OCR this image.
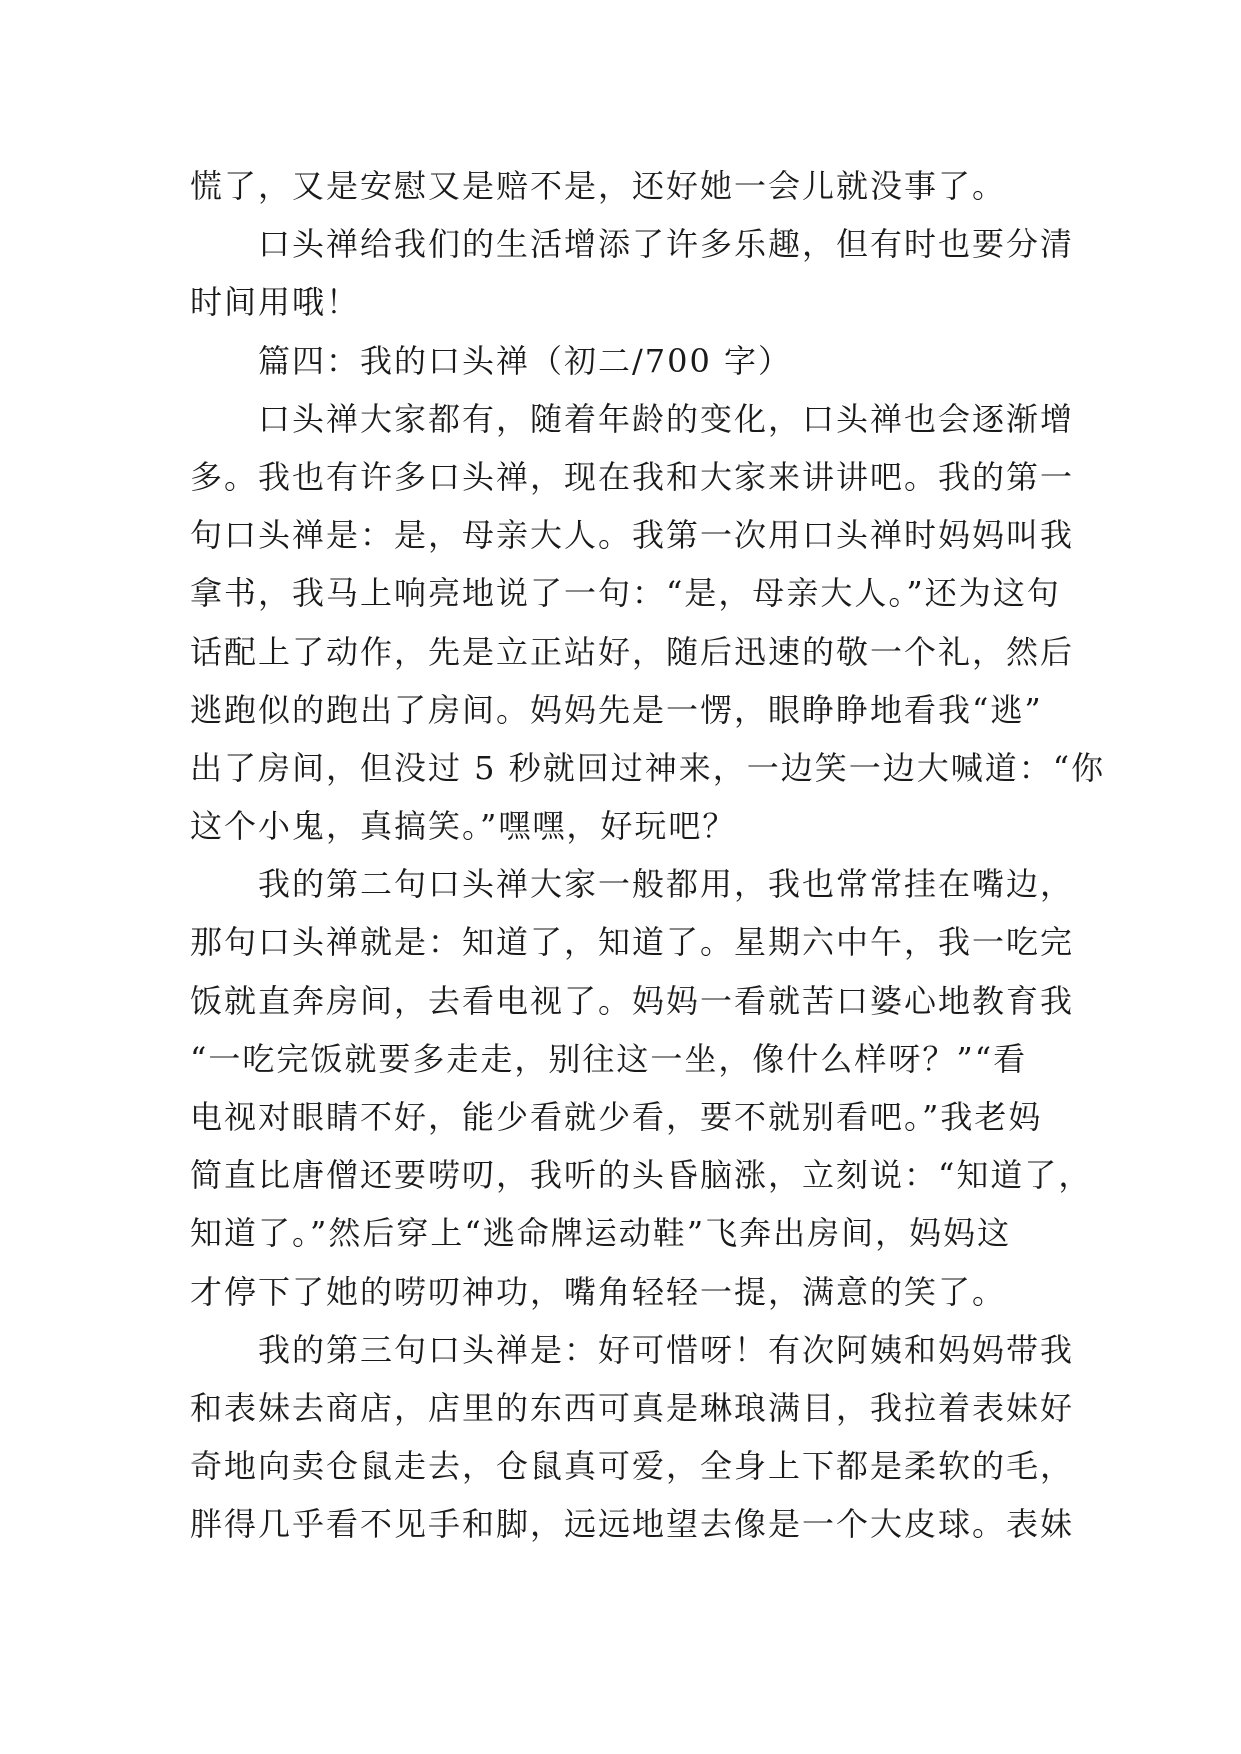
慌了，又是安慰又是赔不是，还好她一会儿就没事了。
　　口头禅给我们的生活增添了许多乐趣，但有时也要分清
时间用哦！
　　篇四：我的口头禅（初二/700 字）
　　口头禅大家都有，随着年龄的变化，口头禅也会逐渐增
多。我也有许多口头禅，现在我和大家来讲讲吧。我的第一
句口头禅是：是，母亲大人。我第一次用口头禅时妈妈叫我
拿书，我马上响亮地说了一句：“是，母亲大人。”还为这句
话配上了动作，先是立正站好，随后迅速的敬一个礼，然后
逃跑似的跑出了房间。妈妈先是一愣，眼睁睁地看我“逃”
出了房间，但没过 5 秒就回过神来，一边笑一边大喊道：“你
这个小鬼，真搞笑。”嘿嘿，好玩吧？
　　我的第二句口头禅大家一般都用，我也常常挂在嘴边，
那句口头禅就是：知道了，知道了。星期六中午，我一吃完
饭就直奔房间，去看电视了。妈妈一看就苦口婆心地教育我
“一吃完饭就要多走走，别往这一坐，像什么样呀？”“看
电视对眼睛不好，能少看就少看，要不就别看吧。”我老妈
简直比唐僧还要唠叨，我听的头昏脑涨，立刻说：“知道了，
知道了。”然后穿上“逃命牌运动鞋”飞奔出房间，妈妈这
才停下了她的唠叨神功，嘴角轻轻一提，满意的笑了。
　　我的第三句口头禅是：好可惜呀！有次阿姨和妈妈带我
和表妹去商店，店里的东西可真是琳琅满目，我拉着表妹好
奇地向卖仓鼠走去，仓鼠真可爱，全身上下都是柔软的毛，
胖得几乎看不见手和脚，远远地望去像是一个大皮球。表妹
